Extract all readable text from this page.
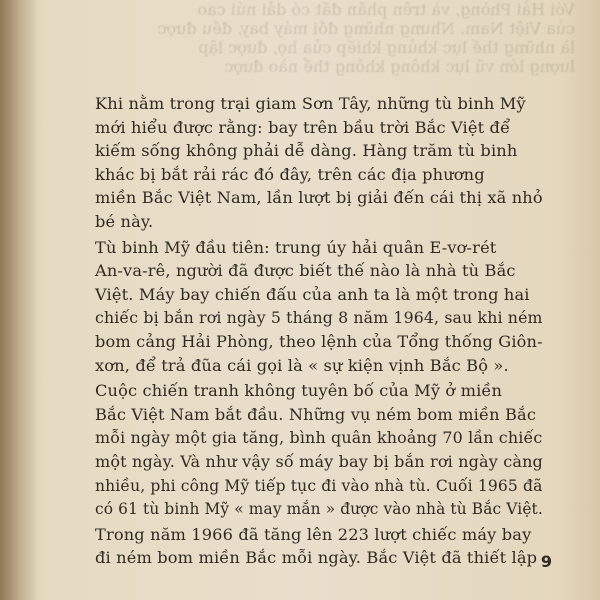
Vói Hải Phòng, và trên phần đất có dải núi cao
của Việt Nam. Nhưng những đồi máy bay, đều được
là những thế lực khủng khiếp của họ, được lập
lượng lớn vũ lực không không thể nào được

Khi nằm trong trại giam Sơn Tây, những tù binh Mỹ
mới hiểu được rằng: bay trên bầu trời Bắc Việt để
kiếm sống không phải dễ dàng. Hàng trăm tù binh
khác bị bắt rải rác đó đây, trên các địa phương
miền Bắc Việt Nam, lần lượt bị giải đến cái thị xã nhỏ
bé này.

Tù binh Mỹ đầu tiên: trung úy hải quân E-vơ-rét
An-va-rê, người đã được biết thế nào là nhà tù Bắc
Việt. Máy bay chiến đấu của anh ta là một trong hai
chiếc bị bắn rơi ngày 5 tháng 8 năm 1964, sau khi ném
bom cảng Hải Phòng, theo lệnh của Tổng thống Giôn-
xơn, để trả đũa cái gọi là « sự kiện vịnh Bắc Bộ ».

Cuộc chiến tranh không tuyên bố của Mỹ ở miền
Bắc Việt Nam bắt đầu. Những vụ ném bom miền Bắc
mỗi ngày một gia tăng, bình quân khoảng 70 lần chiếc
một ngày. Và như vậy số máy bay bị bắn rơi ngày càng
nhiều, phi công Mỹ tiếp tục đi vào nhà tù. Cuối 1965 đã
có 61 tù binh Mỹ « may mắn » được vào nhà tù Bắc Việt.

Trong năm 1966 đã tăng lên 223 lượt chiếc máy bay
đi ném bom miền Bắc mỗi ngày. Bắc Việt đã thiết lập 9
